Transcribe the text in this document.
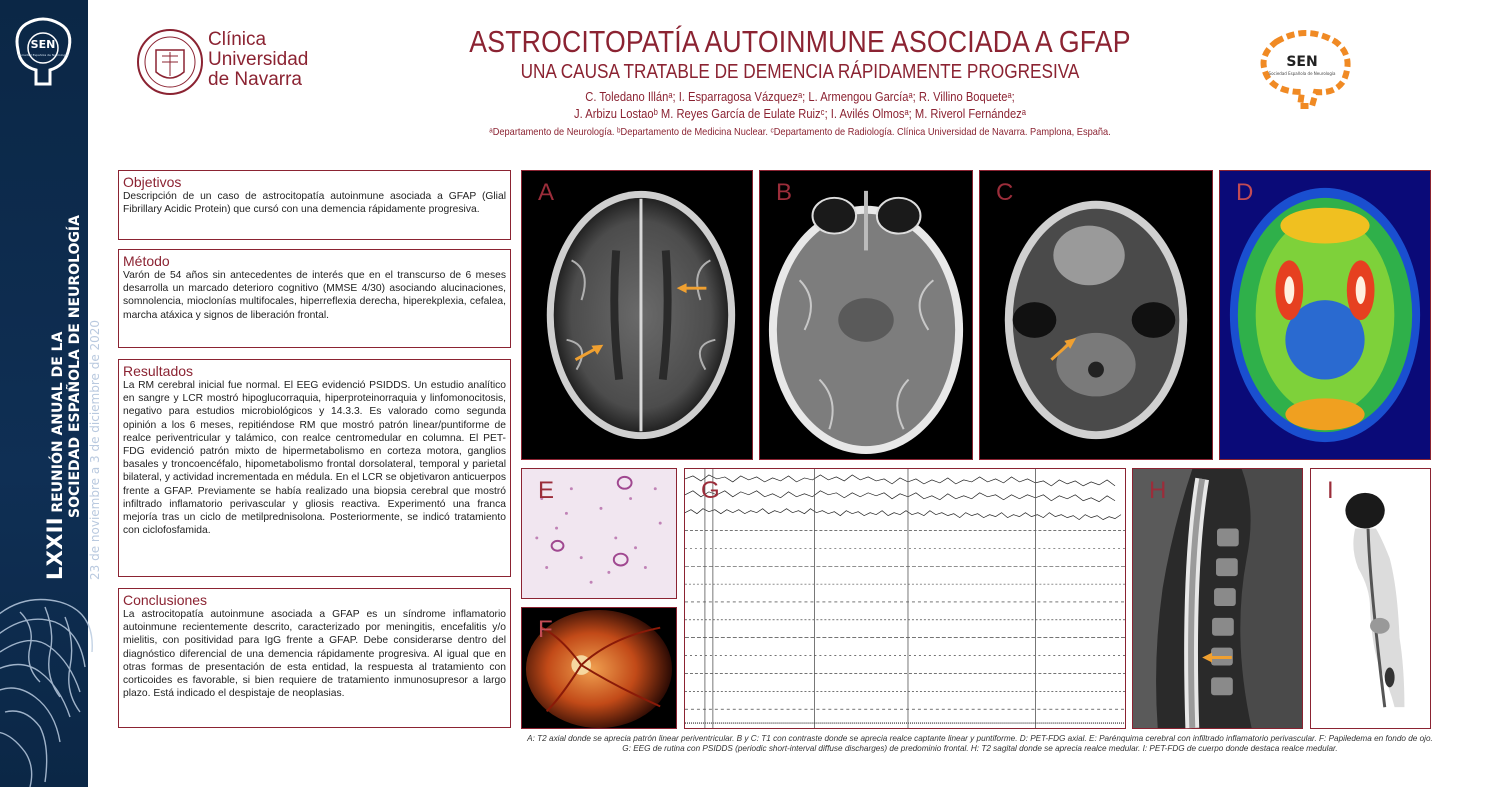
SEN
Sociedad Española de Neurología
LXXII REUNIÓN ANUAL DE LA SOCIEDAD ESPAÑOLA DE NEUROLOGÍA 23 de noviembre a 3 de diciembre de 2020
Clínica
Universidad
de Navarra
SEN
Sociedad Española de Neurología
ASTROCITOPATÍA AUTOINMUNE ASOCIADA A GFAP
UNA CAUSA TRATABLE DE DEMENCIA RÁPIDAMENTE PROGRESIVA
C. Toledano Illánᵃ; I. Esparragosa Vázquezᵃ; L. Armengou Garcíaᵃ; R. Villino Boqueteᵃ;
J. Arbizu Lostaoᵇ M. Reyes García de Eulate Ruizᶜ; I. Avilés Olmosᵃ; M. Riverol Fernándezᵃ
ᵃDepartamento de Neurología. ᵇDepartamento de Medicina Nuclear. ᶜDepartamento de Radiología. Clínica Universidad de Navarra. Pamplona, España.
Objetivos

Descripción de un caso de astrocitopatía autoinmune asociada a GFAP (Glial Fibrillary Acidic Protein) que cursó con una demencia rápidamente progresiva.

Método

Varón de 54 años sin antecedentes de interés que en el transcurso de 6 meses desarrolla un marcado deterioro cognitivo (MMSE 4/30) asociando alucinaciones, somnolencia, mioclonías multifocales, hiperreflexia derecha, hiperekplexia, cefalea, marcha atáxica y signos de liberación frontal.

Resultados

La RM cerebral inicial fue normal. El EEG evidenció PSIDDS. Un estudio analítico en sangre y LCR mostró hipoglucorraquia, hiperproteinorraquia y linfomonocitosis, negativo para estudios microbiológicos y 14.3.3. Es valorado como segunda opinión a los 6 meses, repitiéndose RM que mostró patrón linear/puntiforme de realce periventricular y talámico, con realce centromedular en columna. El PET-FDG evidenció patrón mixto de hipermetabolismo en corteza motora, ganglios basales y troncoencéfalo, hipometabolismo frontal dorsolateral, temporal y parietal bilateral, y actividad incrementada en médula. En el LCR se objetivaron anticuerpos frente a GFAP. Previamente se había realizado una biopsia cerebral que mostró infiltrado inflamatorio perivascular y gliosis reactiva. Experimentó una franca mejoría tras un ciclo de metilprednisolona. Posteriormente, se indicó tratamiento con ciclofosfamida.

Conclusiones

La astrocitopatía autoinmune asociada a GFAP es un síndrome inflamatorio autoinmune recientemente descrito, caracterizado por meningitis, encefalitis y/o mielitis, con positividad para IgG frente a GFAP. Debe considerarse dentro del diagnóstico diferencial de una demencia rápidamente progresiva. Al igual que en otras formas de presentación de esta entidad, la respuesta al tratamiento con corticoides es favorable, si bien requiere de tratamiento inmunosupresor a largo plazo. Está indicado el despistaje de neoplasias.

A	B	C	D
E
F
G	H	I
A: T2 axial donde se aprecia patrón linear periventricular. B y C: T1 con contraste donde se aprecia realce captante linear y puntiforme. D: PET-FDG axial. E: Parénquima cerebral con infiltrado inflamatorio perivascular. F: Papiledema en fondo de ojo.
G: EEG de rutina con PSIDDS (periodic short-interval diffuse discharges) de predominio frontal. H: T2 sagital donde se aprecia realce medular. I: PET-FDG de cuerpo donde destaca realce medular.
